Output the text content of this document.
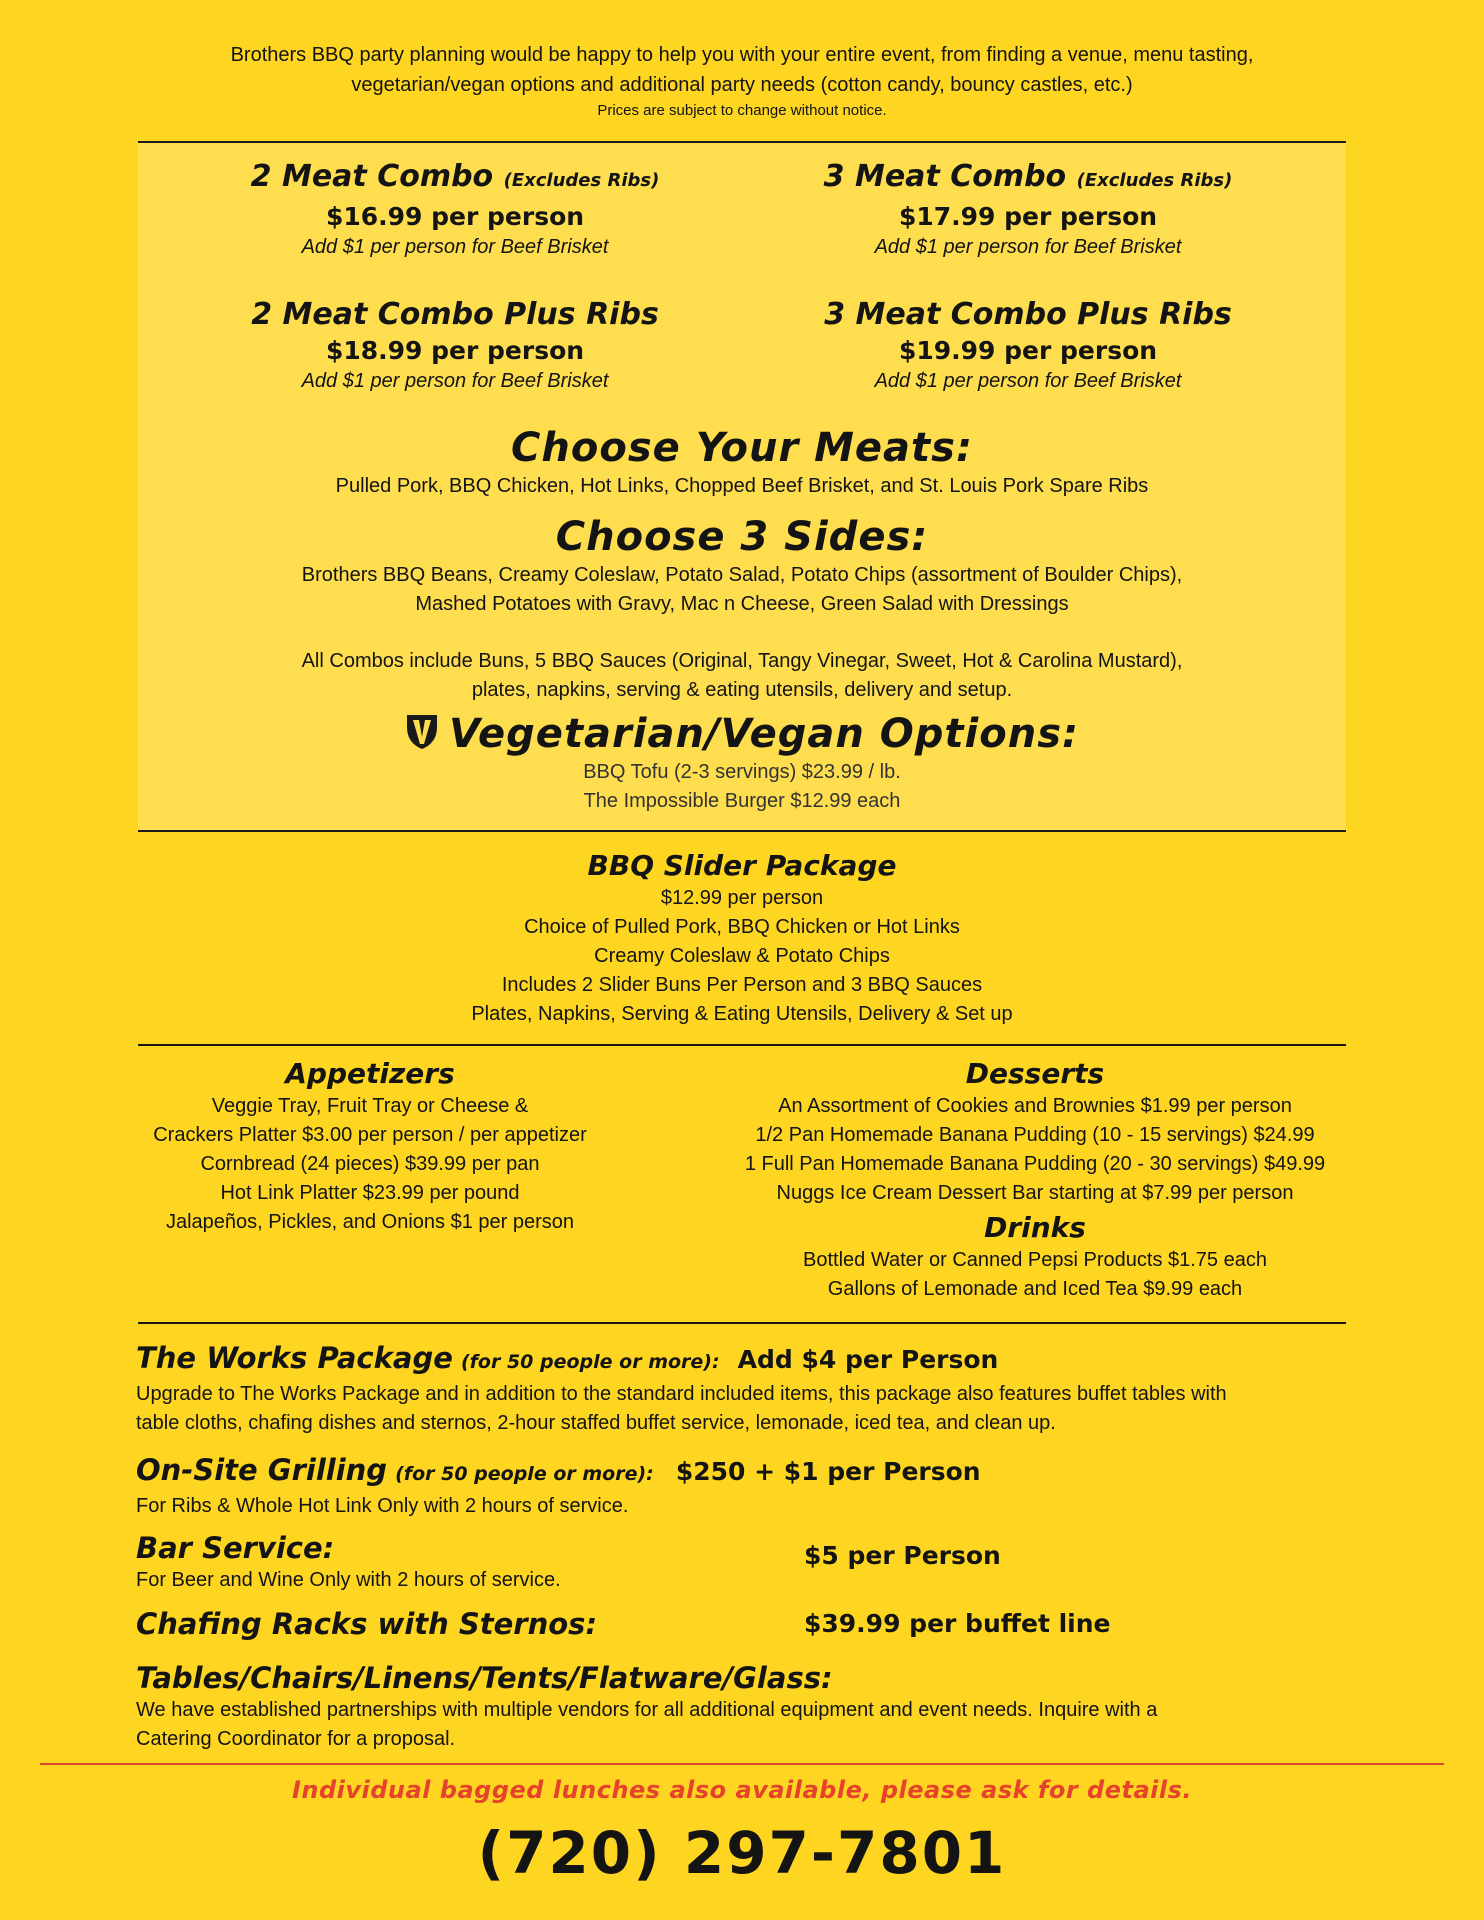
Brothers BBQ party planning would be happy to help you with your entire event, from finding a venue, menu tasting,
vegetarian/vegan options and additional party needs (cotton candy, bouncy castles, etc.)
Prices are subject to change without notice.
2 Meat Combo (Excludes Ribs)
$16.99 per person
Add $1 per person for Beef Brisket
3 Meat Combo (Excludes Ribs)
$17.99 per person
Add $1 per person for Beef Brisket
2 Meat Combo Plus Ribs
$18.99 per person
Add $1 per person for Beef Brisket
3 Meat Combo Plus Ribs
$19.99 per person
Add $1 per person for Beef Brisket
Choose Your Meats:
Pulled Pork, BBQ Chicken, Hot Links, Chopped Beef Brisket, and St. Louis Pork Spare Ribs
Choose 3 Sides:
Brothers BBQ Beans, Creamy Coleslaw, Potato Salad, Potato Chips (assortment of Boulder Chips),
Mashed Potatoes with Gravy, Mac n Cheese, Green Salad with Dressings
All Combos include Buns, 5 BBQ Sauces (Original, Tangy Vinegar, Sweet, Hot & Carolina Mustard),
plates, napkins, serving & eating utensils, delivery and setup.
Vegetarian/Vegan Options:
BBQ Tofu (2-3 servings) $23.99 / lb.
The Impossible Burger $12.99 each
BBQ Slider Package
$12.99 per person
Choice of Pulled Pork, BBQ Chicken or Hot Links
Creamy Coleslaw & Potato Chips
Includes 2 Slider Buns Per Person and 3 BBQ Sauces
Plates, Napkins, Serving & Eating Utensils, Delivery & Set up
Appetizers
Veggie Tray, Fruit Tray or Cheese &
Crackers Platter $3.00 per person / per appetizer
Cornbread (24 pieces) $39.99 per pan
Hot Link Platter $23.99 per pound
Jalapeños, Pickles, and Onions $1 per person
Desserts
An Assortment of Cookies and Brownies $1.99 per person
1/2 Pan Homemade Banana Pudding (10 - 15 servings) $24.99
1 Full Pan Homemade Banana Pudding (20 - 30 servings) $49.99
Nuggs Ice Cream Dessert Bar starting at $7.99 per person
Drinks
Bottled Water or Canned Pepsi Products $1.75 each
Gallons of Lemonade and Iced Tea $9.99 each
The Works Package (for 50 people or more): Add $4 per Person
Upgrade to The Works Package and in addition to the standard included items, this package also features buffet tables with
table cloths, chafing dishes and sternos, 2-hour staffed buffet service, lemonade, iced tea, and clean up.
On-Site Grilling (for 50 people or more): $250 + $1 per Person
For Ribs & Whole Hot Link Only with 2 hours of service.
Bar Service:
For Beer and Wine Only with 2 hours of service.
$5 per Person
Chafing Racks with Sternos:	$39.99 per buffet line
Tables/Chairs/Linens/Tents/Flatware/Glass:
We have established partnerships with multiple vendors for all additional equipment and event needs. Inquire with a
Catering Coordinator for a proposal.
Individual bagged lunches also available, please ask for details.
(720) 297-7801
